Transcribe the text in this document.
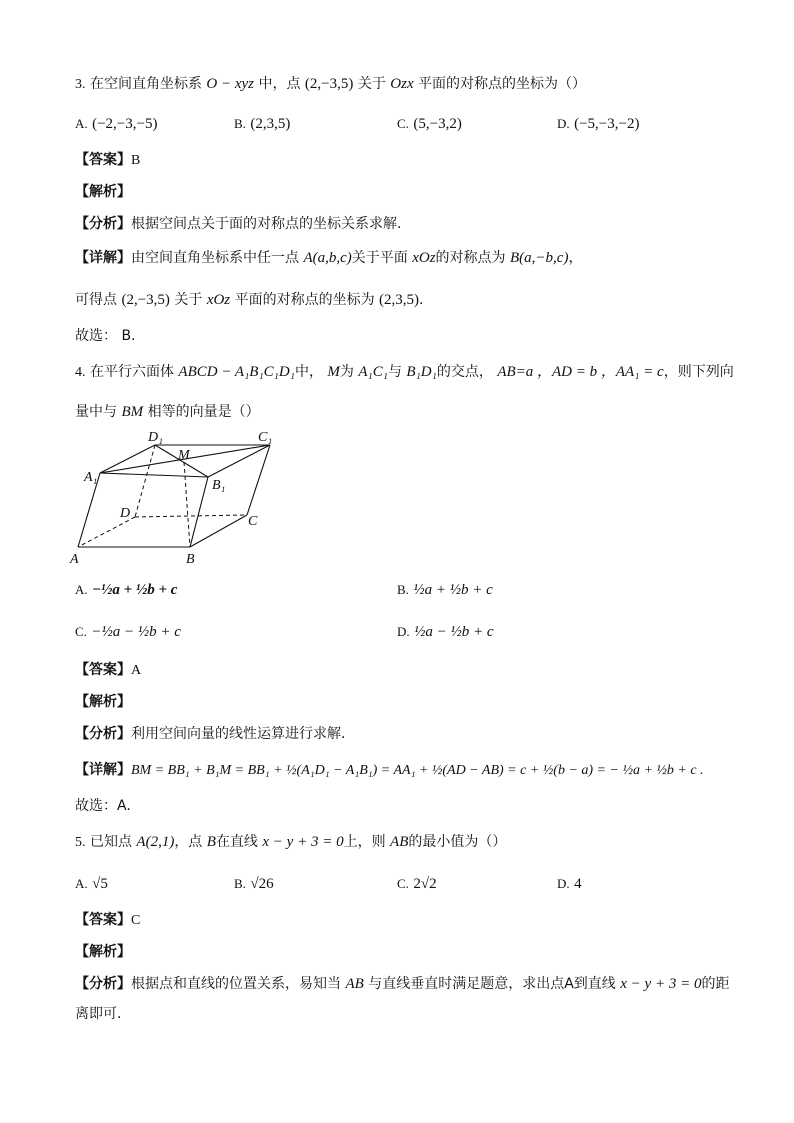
3. 在空间直角坐标系 O − xyz 中，点 (2,−3,5) 关于 Ozx 平面的对称点的坐标为（）
A. (−2,−3,−5)	B. (2,3,5)	C. (5,−3,2)	D. (−5,−3,−2)
【答案】B
【解析】
【分析】根据空间点关于面的对称点的坐标关系求解.
【详解】由空间直角坐标系中任一点 A(a,b,c)关于平面 xOz的对称点为 B(a,−b,c)，
可得点 (2,−3,5) 关于 xOz 平面的对称点的坐标为 (2,3,5).
故选： B.
4. 在平行六面体 ABCD − A₁B₁C₁D₁中， M为 A₁C₁与 B₁D₁的交点， AB=a ，AD = b ，AA₁ = c，则下列向
量中与 BM 相等的向量是（）
D₁	C₁
M
A₁
B₁
D
C
A	B
A. −½a + ½b + c	B. ½a + ½b + c
C. −½a − ½b + c	D. ½a − ½b + c
【答案】A
【解析】
【分析】利用空间向量的线性运算进行求解.
【详解】BM = BB₁ + B₁M = BB₁ + ½(A₁D₁ − A₁B₁) = AA₁ + ½(AD − AB) = c + ½(b − a) = − ½a + ½b + c .
故选：A.
5. 已知点 A(2,1)，点 B在直线 x − y + 3 = 0上，则 AB的最小值为（）
A. √5	B. √26	C. 2√2	D. 4
【答案】C
【解析】
【分析】根据点和直线的位置关系，易知当 AB 与直线垂直时满足题意，求出点A到直线 x − y + 3 = 0的距
离即可.
